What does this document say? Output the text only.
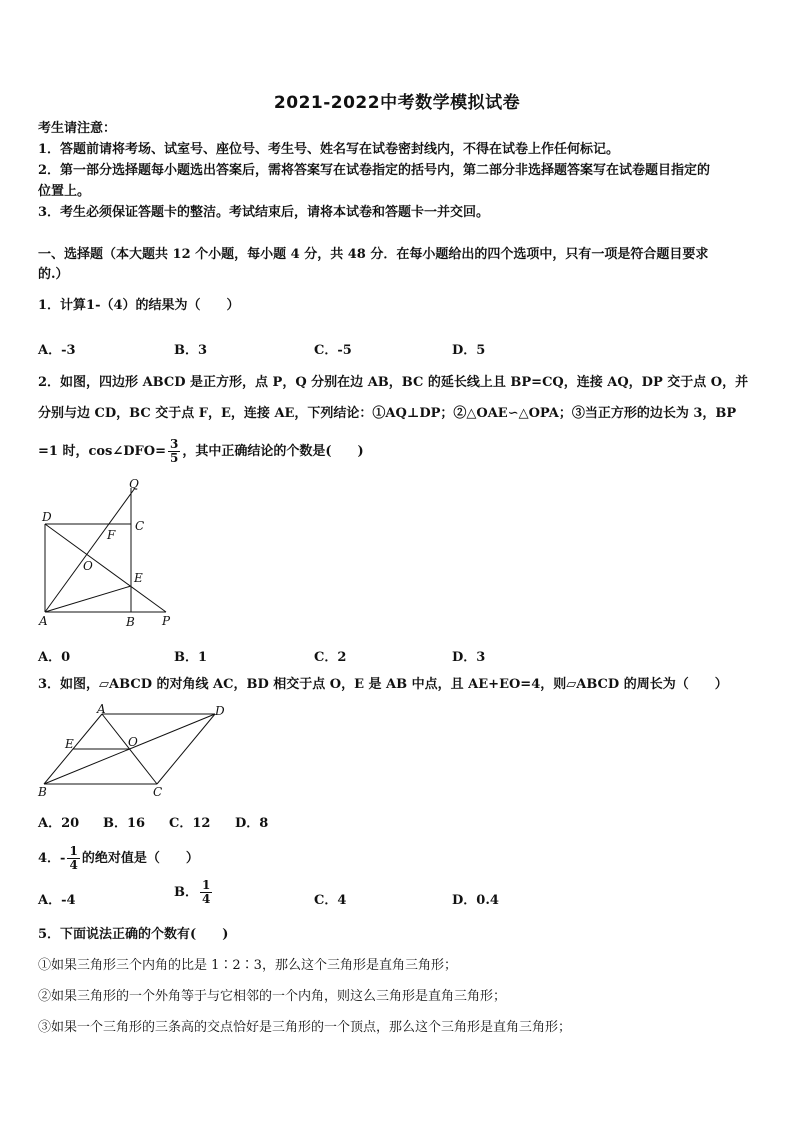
2021-2022中考数学模拟试卷
考生请注意：
1．答题前请将考场、试室号、座位号、考生号、姓名写在试卷密封线内，不得在试卷上作任何标记。
2．第一部分选择题每小题选出答案后，需将答案写在试卷指定的括号内，第二部分非选择题答案写在试卷题目指定的
位置上。
3．考生必须保证答题卡的整洁。考试结束后，请将本试卷和答题卡一并交回。
一、选择题（本大题共 12 个小题，每小题 4 分，共 48 分．在每小题给出的四个选项中，只有一项是符合题目要求
的.）
1．计算1-（4）的结果为（　　）
A．-3	B．3	C．-5	D．5
2．如图，四边形 ABCD 是正方形，点 P，Q 分别在边 AB，BC 的延长线上且 BP=CQ，连接 AQ，DP 交于点 O，并
分别与边 CD，BC 交于点 F，E，连接 AE，下列结论：①AQ⊥DP；②△OAE∽△OPA；③当正方形的边长为 3，BP
=1 时，cos∠DFO= $\frac{3}{5}$ ，其中正确结论的个数是(　　)
Q
D
C
F
O
E
A	B P
A．0	B．1	C．2	D．3
3．如图，▱ABCD 的对角线 AC，BD 相交于点 O，E 是 AB 中点，且 AE+EO=4，则▱ABCD 的周长为（　　）
A	D
E	O
B	C
A．20 B．16 C．12 D．8
4．- $\frac{1}{4}$ 的绝对值是（　　）
A．-4
B． $\frac{1}{4}$	C．4	D．0.4
5．下面说法正确的个数有(　　)
①如果三角形三个内角的比是 1∶2∶3，那么这个三角形是直角三角形；
②如果三角形的一个外角等于与它相邻的一个内角，则这么三角形是直角三角形；
③如果一个三角形的三条高的交点恰好是三角形的一个顶点，那么这个三角形是直角三角形；
